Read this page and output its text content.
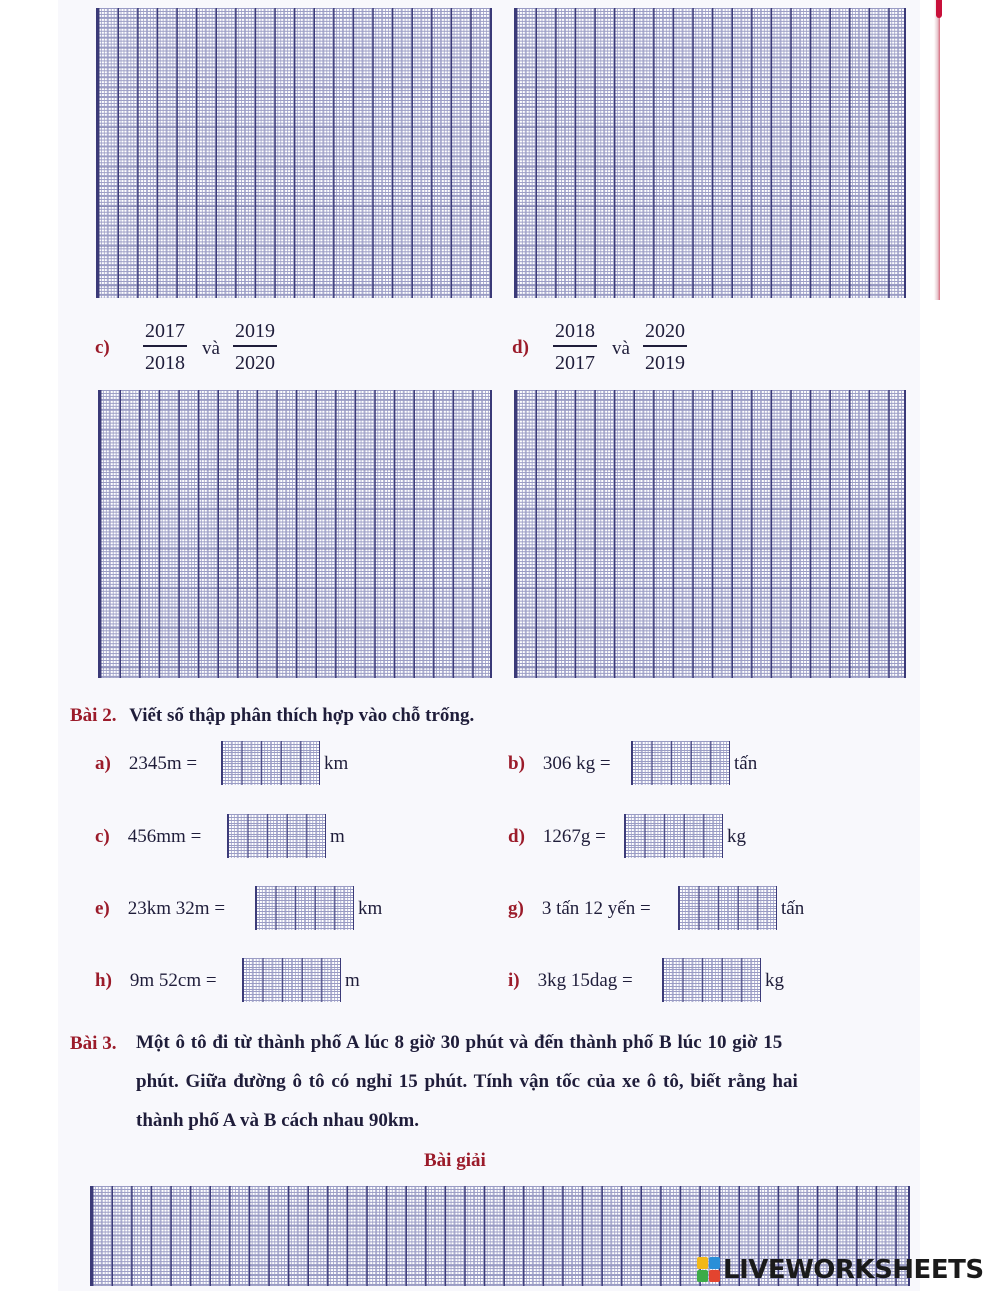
c)
2017
2018
và
2019
2020
d)
2018
2017
và
2020
2019
Bài 2. Viết số thập phân thích hợp vào chỗ trống.
a) 2345m =	km	b) 306 kg =	tấn
c) 456mm =	m	d) 1267g =	kg
e) 23km 32m =	km	g) 3 tấn 12 yến =	tấn
h) 9m 52cm =	m	i) 3kg 15dag =	kg
Bài 3. Một ô tô đi từ thành phố A lúc 8 giờ 30 phút và đến thành phố B lúc 10 giờ 15
phút. Giữa đường ô tô có nghỉ 15 phút. Tính vận tốc của xe ô tô, biết rằng hai
thành phố A và B cách nhau 90km.
Bài giải
LIVEWORKSHEETS
